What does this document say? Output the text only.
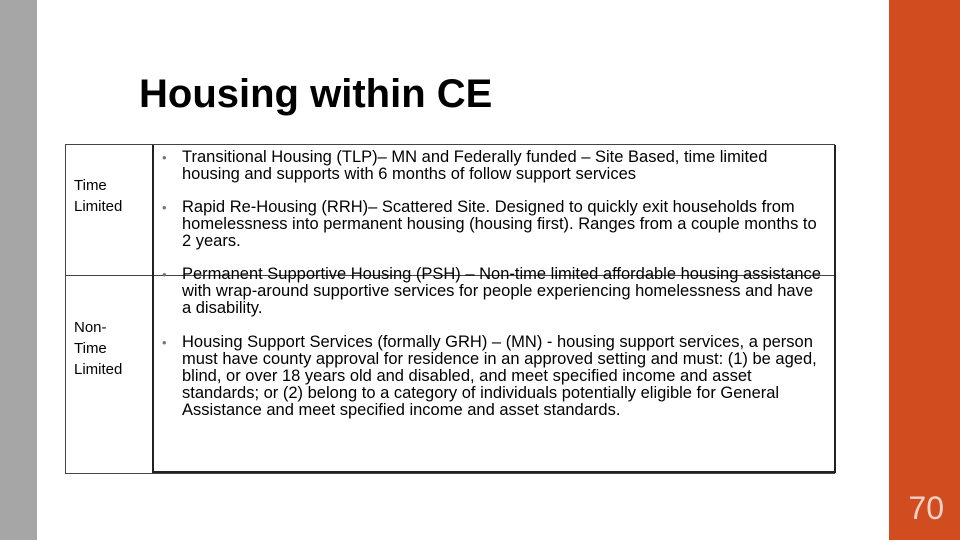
70
Housing within CE
Time
Limited
Non-
Time
Limited
• Transitional Housing (TLP)– MN and Federally funded – Site Based, time limited housing and supports with 6 months of follow support services
• Rapid Re-Housing (RRH)– Scattered Site. Designed to quickly exit households from homelessness into permanent housing (housing first). Ranges from a couple months to 2 years.
• Permanent Supportive Housing (PSH) – Non-time limited affordable housing assistance with wrap-around supportive services for people experiencing homelessness and have a disability.
• Housing Support Services (formally GRH) – (MN) - housing support services, a person must have county approval for residence in an approved setting and must: (1) be aged, blind, or over 18 years old and disabled, and meet specified income and asset standards; or (2) belong to a category of individuals potentially eligible for General Assistance and meet specified income and asset standards.
